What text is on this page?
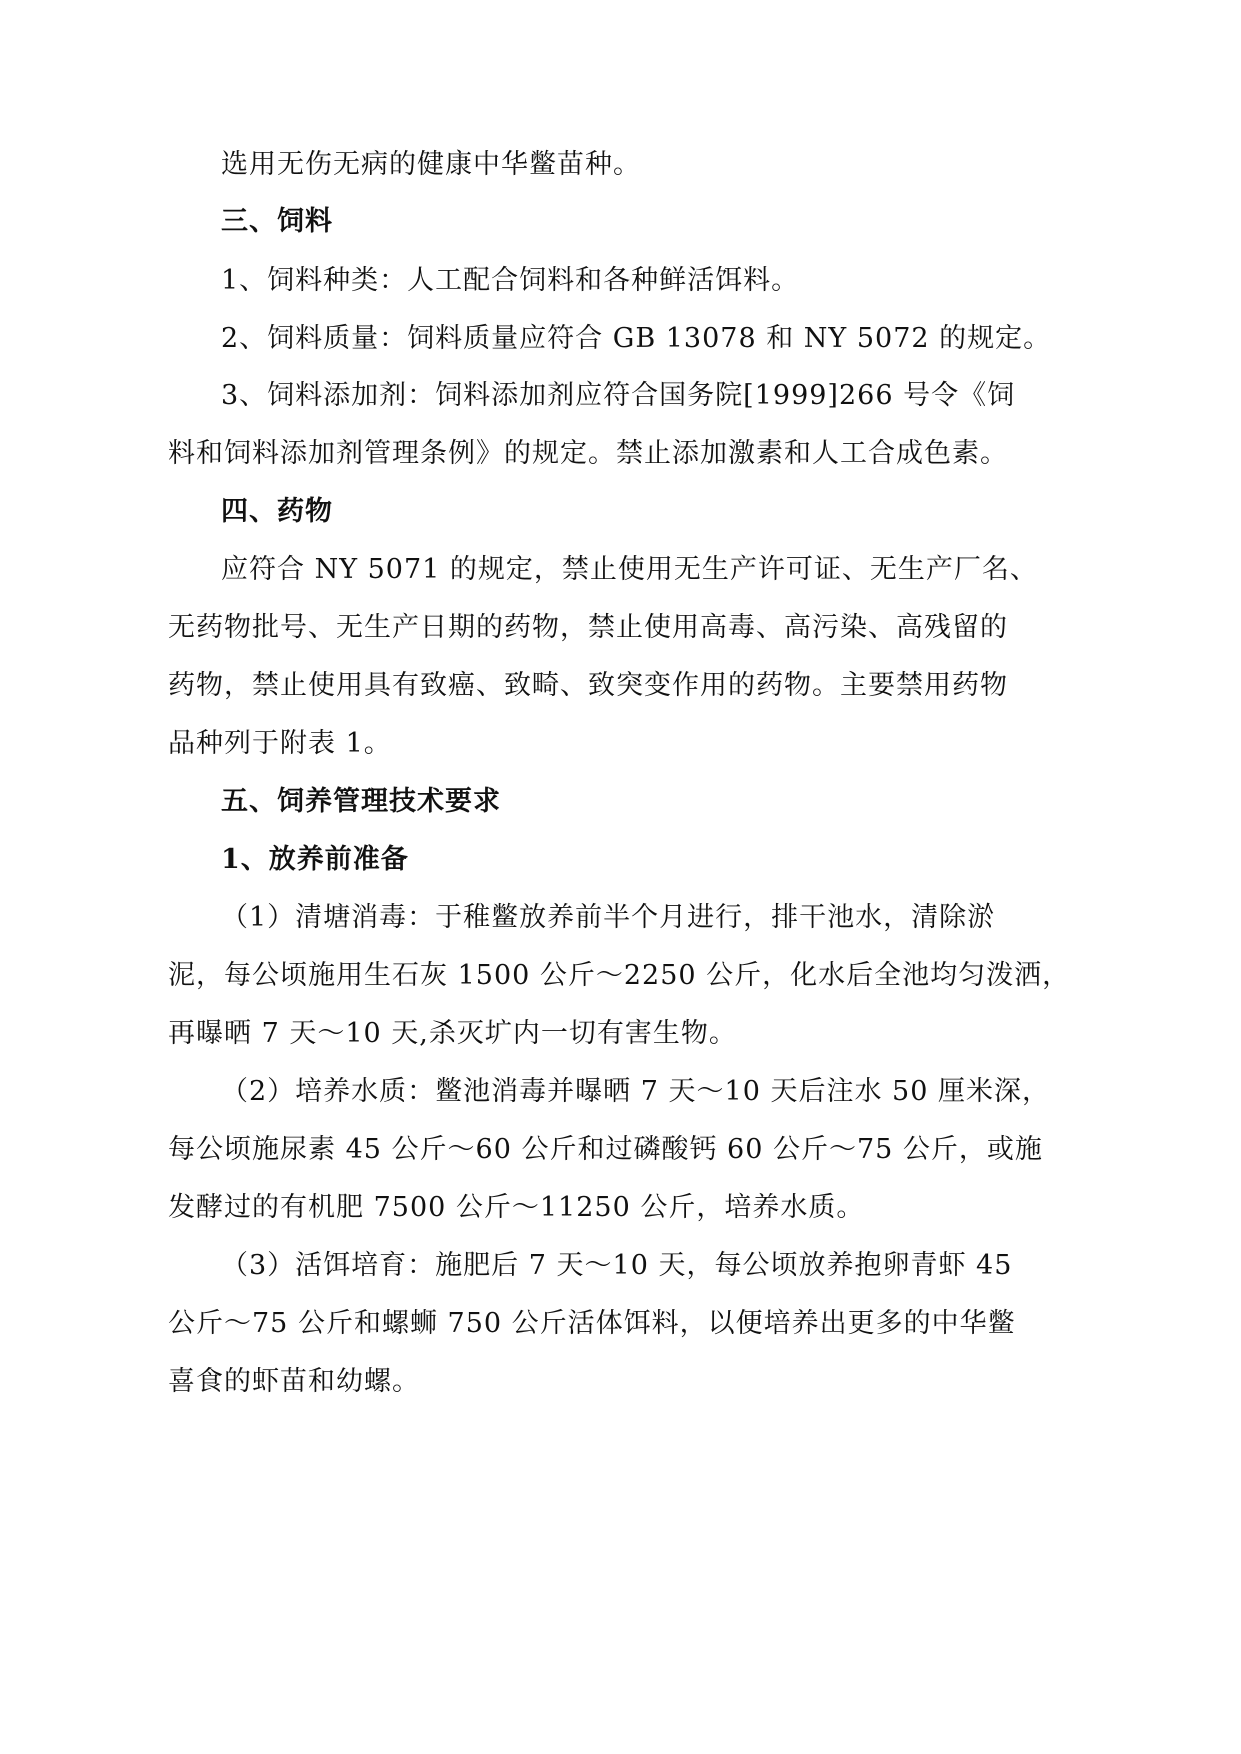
选用无伤无病的健康中华鳖苗种。
三、饲料
1、饲料种类：人工配合饲料和各种鲜活饵料。
2、饲料质量：饲料质量应符合 GB 13078 和 NY 5072 的规定。
3、饲料添加剂：饲料添加剂应符合国务院[1999]266 号令《饲
料和饲料添加剂管理条例》的规定。禁止添加激素和人工合成色素。
四、药物
应符合 NY 5071 的规定，禁止使用无生产许可证、无生产厂名、
无药物批号、无生产日期的药物，禁止使用高毒、高污染、高残留的
药物，禁止使用具有致癌、致畸、致突变作用的药物。主要禁用药物
品种列于附表 1。
五、饲养管理技术要求
1、放养前准备
（1）清塘消毒：于稚鳖放养前半个月进行，排干池水，清除淤
泥，每公顷施用生石灰 1500 公斤～2250 公斤，化水后全池均匀泼洒，
再曝晒 7 天～10 天,杀灭圹内一切有害生物。
（2）培养水质：鳖池消毒并曝晒 7 天～10 天后注水 50 厘米深，
每公顷施尿素 45 公斤～60 公斤和过磷酸钙 60 公斤～75 公斤，或施
发酵过的有机肥 7500 公斤～11250 公斤，培养水质。
（3）活饵培育：施肥后 7 天～10 天，每公顷放养抱卵青虾 45
公斤～75 公斤和螺蛳 750 公斤活体饵料，以便培养出更多的中华鳖
喜食的虾苗和幼螺。
